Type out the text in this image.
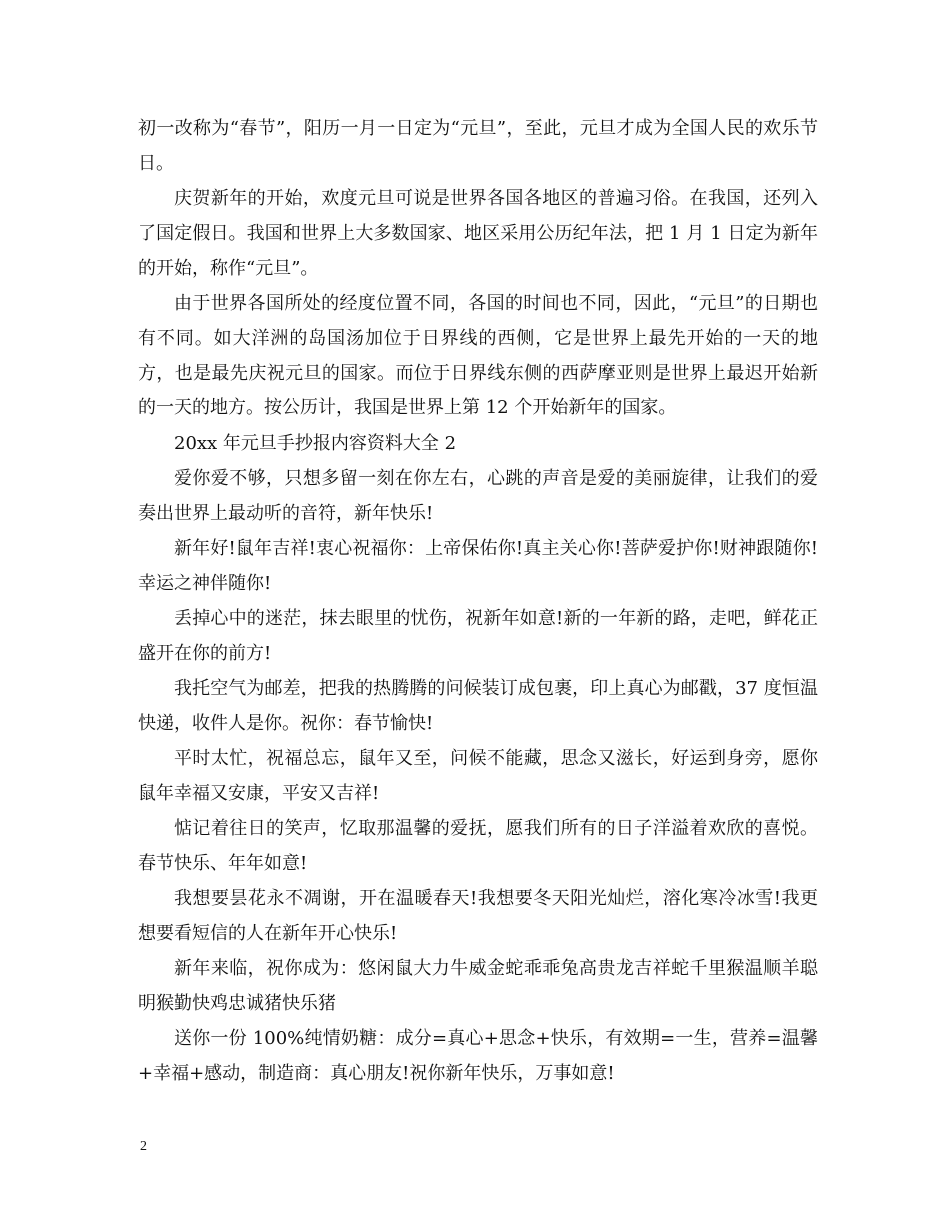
初一改称为“春节”，阳历一月一日定为“元旦”，至此，元旦才成为全国人民的欢乐节日。

庆贺新年的开始，欢度元旦可说是世界各国各地区的普遍习俗。在我国，还列入了国定假日。我国和世界上大多数国家、地区采用公历纪年法，把 1 月 1 日定为新年的开始，称作“元旦”。

由于世界各国所处的经度位置不同，各国的时间也不同，因此，“元旦”的日期也有不同。如大洋洲的岛国汤加位于日界线的西侧，它是世界上最先开始的一天的地方，也是最先庆祝元旦的国家。而位于日界线东侧的西萨摩亚则是世界上最迟开始新的一天的地方。按公历计，我国是世界上第 12 个开始新年的国家。

20xx 年元旦手抄报内容资料大全 2

爱你爱不够，只想多留一刻在你左右，心跳的声音是爱的美丽旋律，让我们的爱奏出世界上最动听的音符，新年快乐!

新年好!鼠年吉祥!衷心祝福你：上帝保佑你!真主关心你!菩萨爱护你!财神跟随你!幸运之神伴随你!

丢掉心中的迷茫，抹去眼里的忧伤，祝新年如意!新的一年新的路，走吧，鲜花正盛开在你的前方!

我托空气为邮差，把我的热腾腾的问候装订成包裹，印上真心为邮戳，37 度恒温快递，收件人是你。祝你：春节愉快!

平时太忙，祝福总忘，鼠年又至，问候不能藏，思念又滋长，好运到身旁，愿你鼠年幸福又安康，平安又吉祥!

惦记着往日的笑声，忆取那温馨的爱抚，愿我们所有的日子洋溢着欢欣的喜悦。春节快乐、年年如意!

我想要昙花永不凋谢，开在温暖春天!我想要冬天阳光灿烂，溶化寒冷冰雪!我更想要看短信的人在新年开心快乐!

新年来临，祝你成为：悠闲鼠大力牛威金蛇乖乖兔高贵龙吉祥蛇千里猴温顺羊聪明猴勤快鸡忠诚猪快乐猪

送你一份 100%纯情奶糖：成分=真心+思念+快乐，有效期=一生，营养=温馨+幸福+感动，制造商：真心朋友!祝你新年快乐，万事如意!

2
